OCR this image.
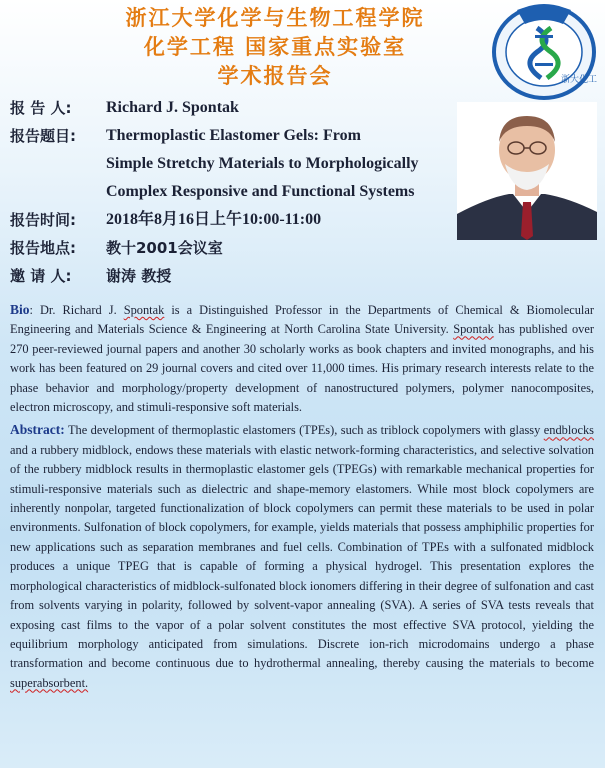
浙江大学化学与生物工程学院
化学工程 国家重点实验室
学术报告会	浙大化工
报 告 人:	Richard J. Spontak
报告题目:	Thermoplastic Elastomer Gels: From
Simple Stretchy Materials to Morphologically
Complex Responsive and Functional Systems
报告时间:	2018年8月16日上午10:00-11:00
报告地点:	教十2001会议室
邀 请 人:	谢涛 教授

Bio: Dr. Richard J. Spontak is a Distinguished Professor in the Departments of Chemical & Biomolecular Engineering and Materials Science & Engineering at North Carolina State University. Spontak has published over 270 peer-reviewed journal papers and another 30 scholarly works as book chapters and invited monographs, and his work has been featured on 29 journal covers and cited over 11,000 times. His primary research interests relate to the phase behavior and morphology/property development of nanostructured polymers, polymer nanocomposites, electron microscopy, and stimuli-responsive soft materials.

Abstract: The development of thermoplastic elastomers (TPEs), such as triblock copolymers with glassy endblocks and a rubbery midblock, endows these materials with elastic network-forming characteristics, and selective solvation of the rubbery midblock results in thermoplastic elastomer gels (TPEGs) with remarkable mechanical properties for stimuli-responsive materials such as dielectric and shape-memory elastomers. While most block copolymers are inherently nonpolar, targeted functionalization of block copolymers can permit these materials to be used in polar environments. Sulfonation of block copolymers, for example, yields materials that possess amphiphilic properties for new applications such as separation membranes and fuel cells. Combination of TPEs with a sulfonated midblock produces a unique TPEG that is capable of forming a physical hydrogel. This presentation explores the morphological characteristics of midblock-sulfonated block ionomers differing in their degree of sulfonation and cast from solvents varying in polarity, followed by solvent-vapor annealing (SVA). A series of SVA tests reveals that exposing cast films to the vapor of a polar solvent constitutes the most effective SVA protocol, yielding the equilibrium morphology anticipated from simulations. Discrete ion-rich microdomains undergo a phase transformation and become continuous due to hydrothermal annealing, thereby causing the materials to become superabsorbent.
